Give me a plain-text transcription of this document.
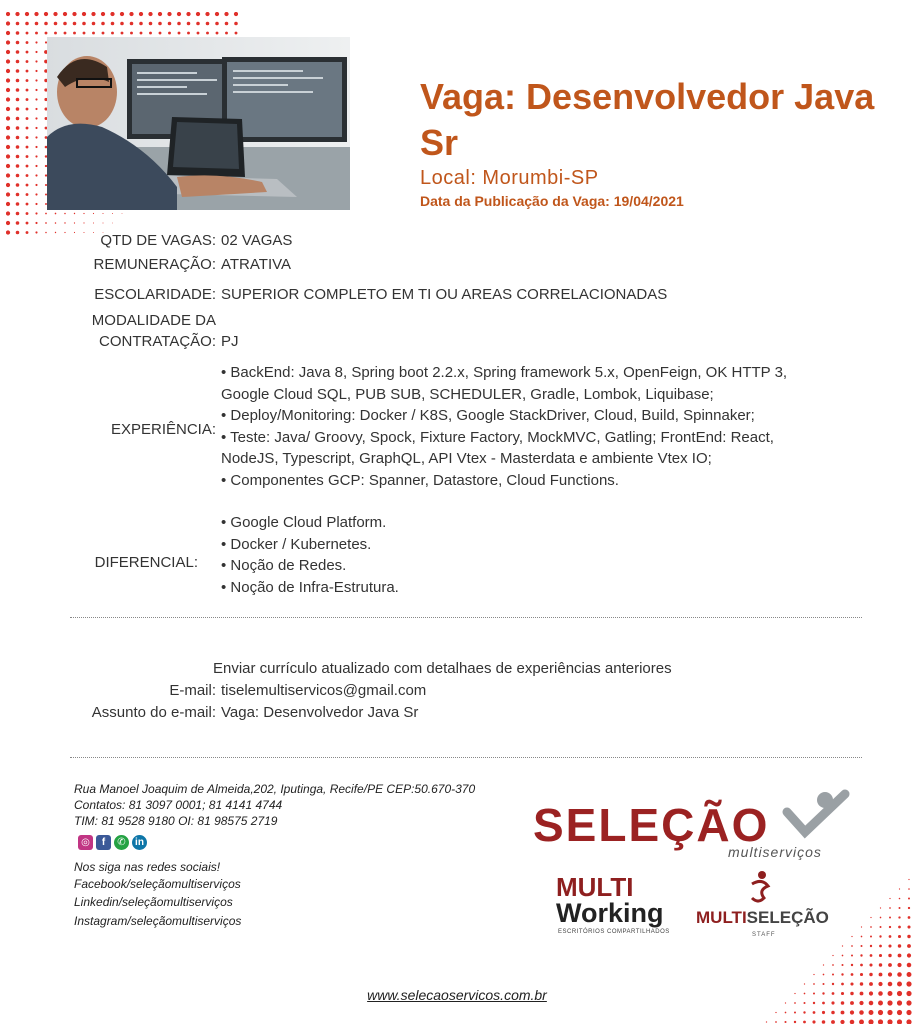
Vaga: Desenvolvedor Java Sr
Local: Morumbi-SP
Data da Publicação da Vaga: 19/04/2021
QTD DE VAGAS: 02 VAGAS
REMUNERAÇÃO: ATRATIVA
ESCOLARIDADE: SUPERIOR COMPLETO EM TI OU AREAS CORRELACIONADAS
MODALIDADE DA
CONTRATAÇÃO: PJ
EXPERIÊNCIA:
• BackEnd: Java 8, Spring boot 2.2.x, Spring framework 5.x, OpenFeign, OK HTTP 3,
Google Cloud SQL, PUB SUB, SCHEDULER, Gradle, Lombok, Liquibase;
• Deploy/Monitoring: Docker / K8S, Google StackDriver, Cloud, Build, Spinnaker;
• Teste: Java/ Groovy, Spock, Fixture Factory, MockMVC, Gatling; FrontEnd: React,
NodeJS, Typescript, GraphQL, API Vtex - Masterdata e ambiente Vtex IO;
• Componentes GCP: Spanner, Datastore, Cloud Functions.
DIFERENCIAL:
• Google Cloud Platform.
• Docker / Kubernetes.
• Noção de Redes.
• Noção de Infra-Estrutura.
Enviar currículo atualizado com detalhaes de experiências anteriores
E-mail: tiselemultiservicos@gmail.com
Assunto do e-mail: Vaga: Desenvolvedor Java Sr
Rua Manoel Joaquim de Almeida,202, Iputinga, Recife/PE CEP:50.670-370
Contatos: 81 3097 0001; 81 4141 4744
TIM: 81 9528 9180 OI: 81 98575 2719
◎	f	✆ in
Nos siga nas redes sociais!
Facebook/seleçãomultiserviços
Linkedin/seleçãomultiserviços
Instagram/seleçãomultiserviços
SELEÇÃO
multiserviços
MULTI
Working
ESCRITÓRIOS COMPARTILHADOS
MULTISELEÇÃO
STAFF
www.selecaoservicos.com.br
